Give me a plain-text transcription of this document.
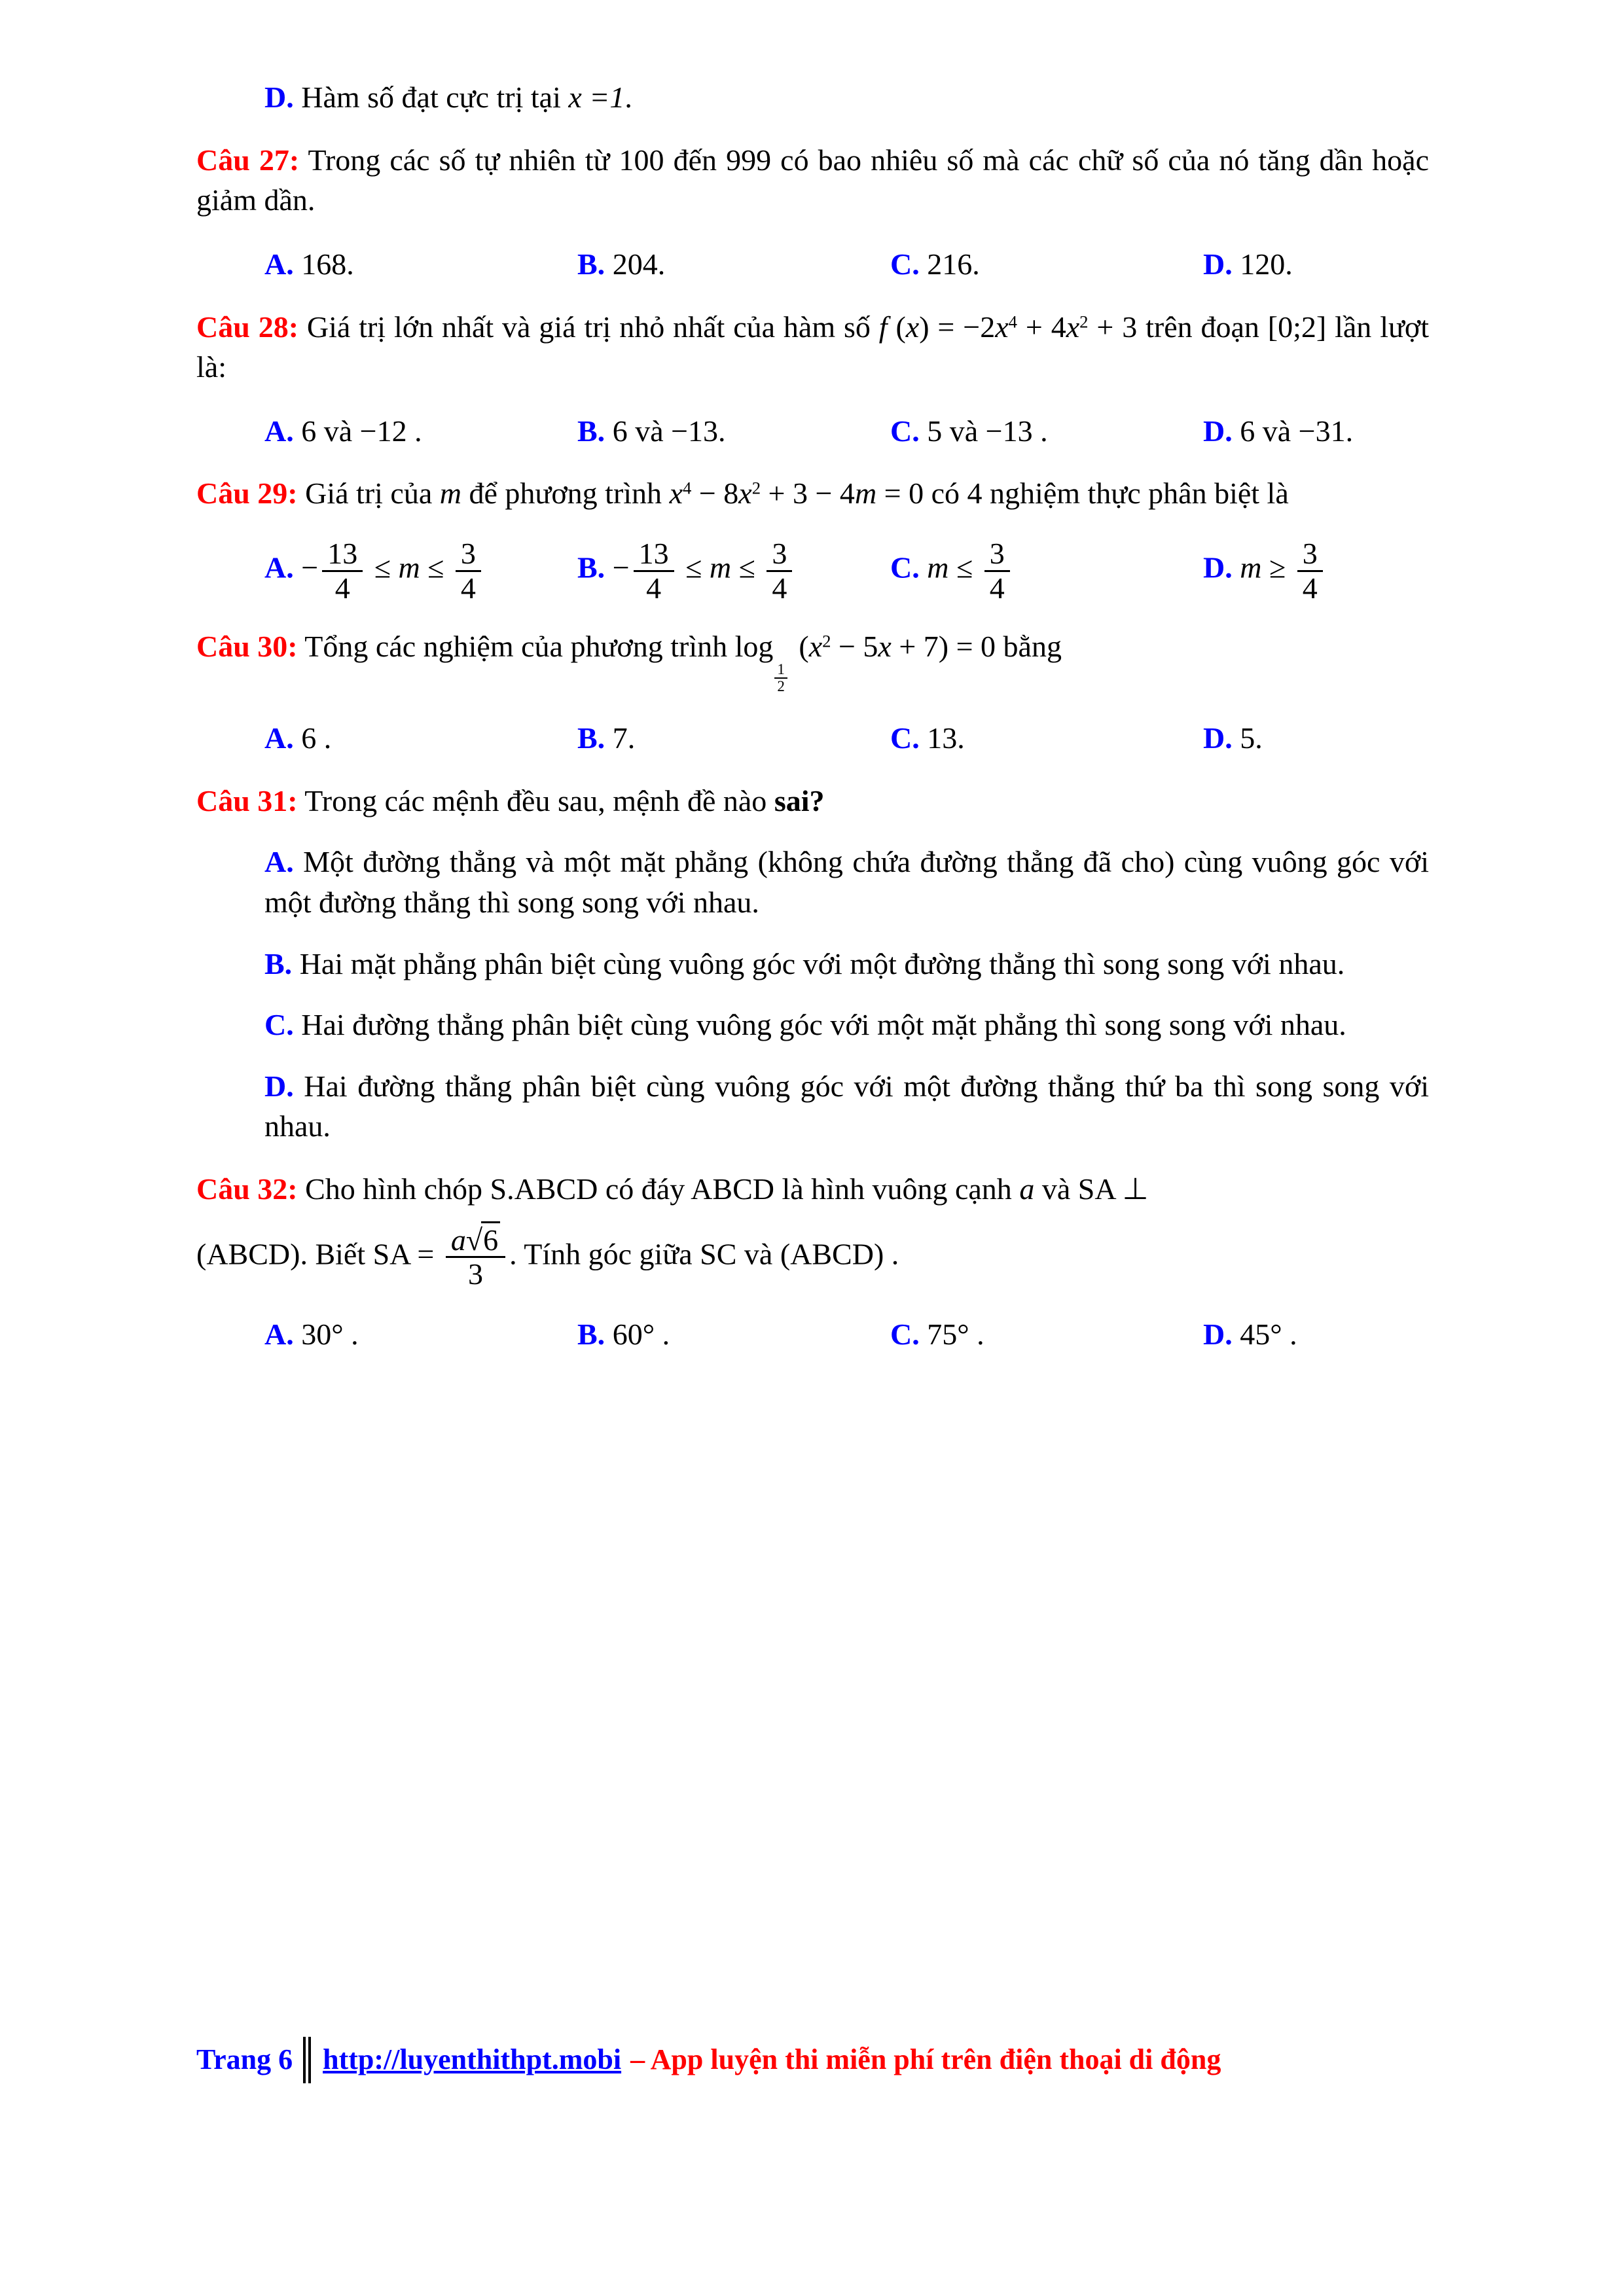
D. Hàm số đạt cực trị tại x =1.

Câu 27: Trong các số tự nhiên từ 100 đến 999 có bao nhiêu số mà các chữ số của nó tăng dần hoặc giảm dần.

A. 168.	B. 204.	C. 216.	D. 120.

Câu 28: Giá trị lớn nhất và giá trị nhỏ nhất của hàm số f $(x) = -2x^4 + 4x^2 + 3$ trên đoạn [0;2] lần lượt là:

A. 6 và −12 .	B. 6 và −13.	C. 5 và −13 .	D. 6 và −31.

Câu 29: Giá trị của m để phương trình $x^4 - 8x^2 + 3 - 4m = 0$ có 4 nghiệm thực phân biệt là

A. − $\frac{13}{4} \le m \le \frac{3}{4}$	B. − $\frac{13}{4} \le m \le \frac{3}{4}$	C. $m \le \frac{3}{4}$	D. $m \ge \frac{3}{4}$

Câu 30: Tổng các nghiệm của phương trình log
$\frac{1}{2}$
$(x^2 - 5x + 7) = 0$ bằng

A. 6 .	B. 7.	C. 13.	D. 5.

Câu 31: Trong các mệnh đều sau, mệnh đề nào sai?

A. Một đường thẳng và một mặt phẳng (không chứa đường thẳng đã cho) cùng vuông góc với một đường thẳng thì song song với nhau.

B. Hai mặt phẳng phân biệt cùng vuông góc với một đường thẳng thì song song với nhau.

C. Hai đường thẳng phân biệt cùng vuông góc với một mặt phẳng thì song song với nhau.

D. Hai đường thẳng phân biệt cùng vuông góc với một đường thẳng thứ ba thì song song với nhau.

Câu 32: Cho hình chóp S.ABCD có đáy ABCD là hình vuông cạnh a và SA ⊥

(ABCD). Biết SA = $\frac{a√6}{3}$ . Tính góc giữa SC và (ABCD) .

A. 30° .	B. 60° .	C. 75° .	D. 45° .
Trang 6 http://luyenthithpt.mobi – App luyện thi miễn phí trên điện thoại di động
